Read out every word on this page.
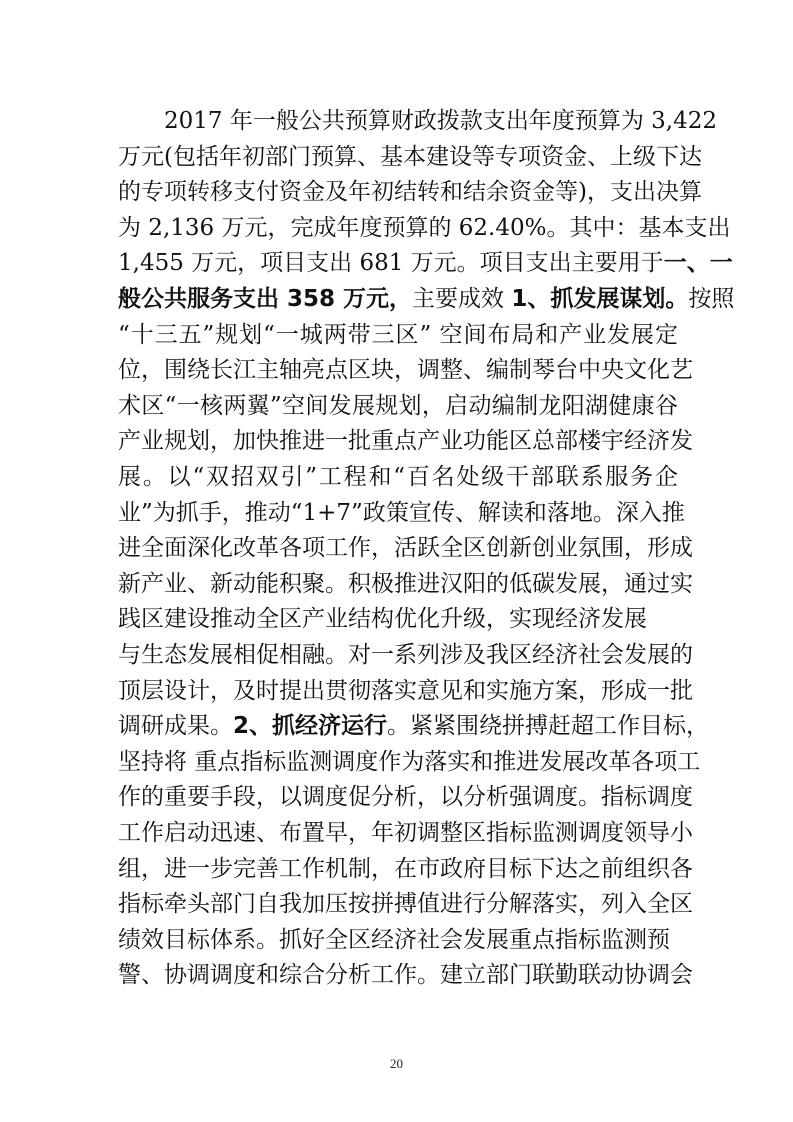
2017 年一般公共预算财政拨款支出年度预算为 3,422
万元(包括年初部门预算、基本建设等专项资金、上级下达
的专项转移支付资金及年初结转和结余资金等)，支出决算
为 2,136 万元，完成年度预算的 62.40%。其中：基本支出
1,455 万元，项目支出 681 万元。项目支出主要用于一、一
般公共服务支出 358 万元，主要成效 1、抓发展谋划。按照
“十三五”规划“一城两带三区” 空间布局和产业发展定
位，围绕长江主轴亮点区块，调整、编制琴台中央文化艺
术区“一核两翼”空间发展规划，启动编制龙阳湖健康谷
产业规划，加快推进一批重点产业功能区总部楼宇经济发
展。以“双招双引”工程和“百名处级干部联系服务企
业”为抓手，推动“1+7”政策宣传、解读和落地。深入推
进全面深化改革各项工作，活跃全区创新创业氛围，形成
新产业、新动能积聚。积极推进汉阳的低碳发展，通过实
践区建设推动全区产业结构优化升级，实现经济发展
与生态发展相促相融。对一系列涉及我区经济社会发展的
顶层设计，及时提出贯彻落实意见和实施方案，形成一批
调研成果。2、抓经济运行。紧紧围绕拼搏赶超工作目标，
坚持将 重点指标监测调度作为落实和推进发展改革各项工
作的重要手段，以调度促分析，以分析强调度。指标调度
工作启动迅速、布置早，年初调整区指标监测调度领导小
组，进一步完善工作机制，在市政府目标下达之前组织各
指标牵头部门自我加压按拼搏值进行分解落实，列入全区
绩效目标体系。抓好全区经济社会发展重点指标监测预
警、协调调度和综合分析工作。建立部门联勤联动协调会
20
